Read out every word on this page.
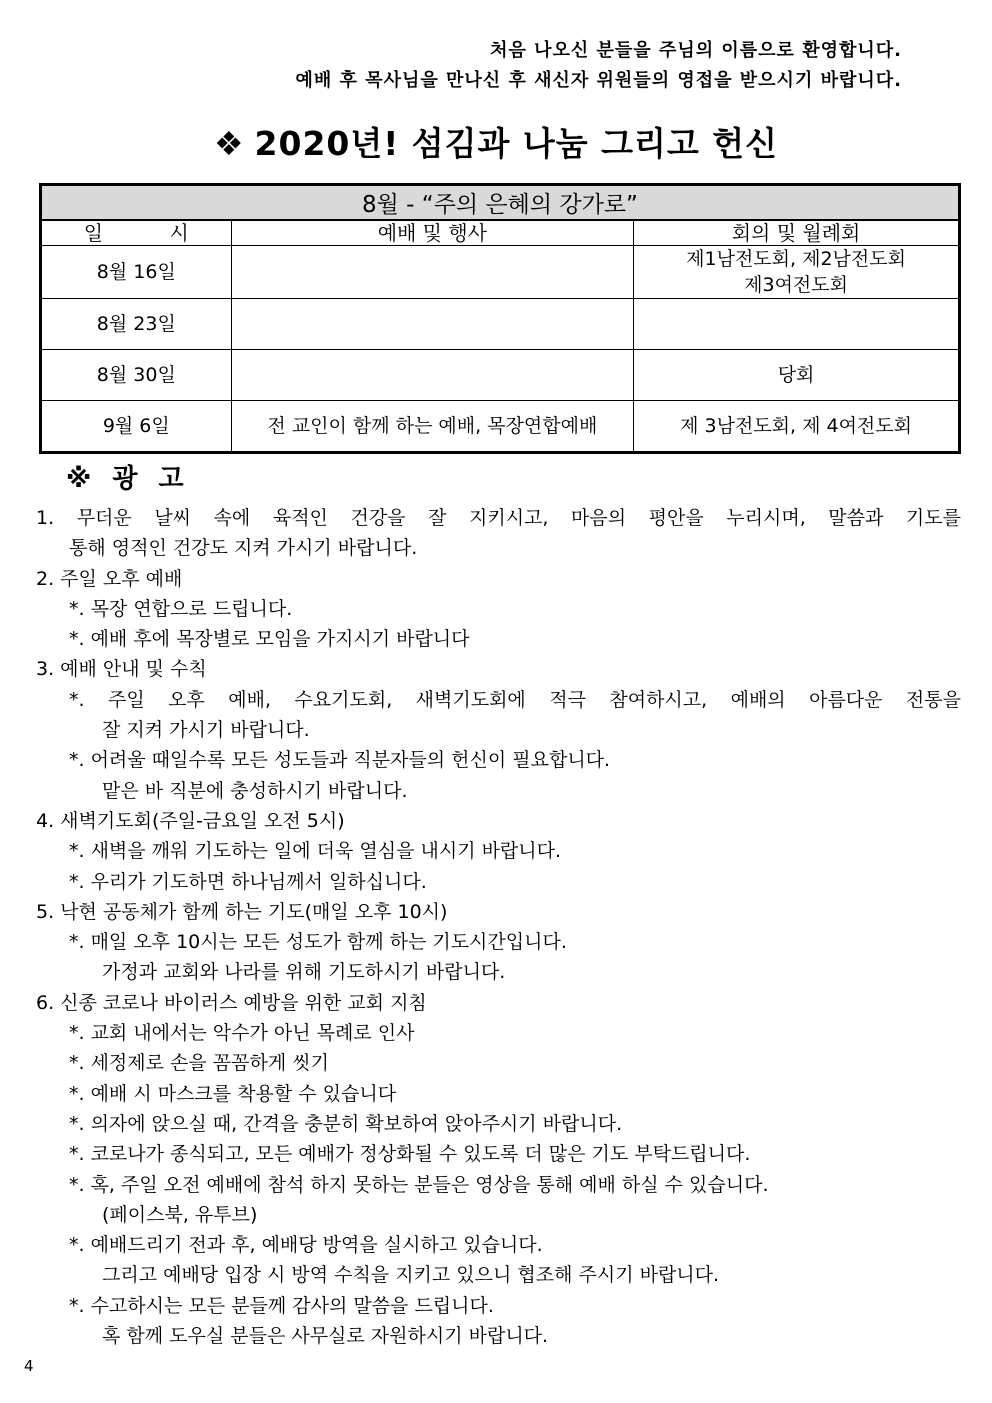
처음 나오신 분들을 주님의 이름으로 환영합니다.
예배 후 목사님을 만나신 후 새신자 위원들의 영접을 받으시기 바랍니다.
❖ 2020년! 섬김과 나눔 그리고 헌신
8월 - “주의 은혜의 강가로”		
일 시	예배 및 행사	회의 및 월례회
8월 16일		제1남전도회, 제2남전도회
제3여전도회

8월 23일		
8월 30일		당회
9월 6일	전 교인이 함께 하는 예배, 목장연합예배	제 3남전도회, 제 4여전도회
※ 광 고
1. 무더운 날씨 속에 육적인 건강을 잘 지키시고, 마음의 평안을 누리시며, 말씀과 기도를
통해 영적인 건강도 지켜 가시기 바랍니다.
2. 주일 오후 예배
*. 목장 연합으로 드립니다.
*. 예배 후에 목장별로 모임을 가지시기 바랍니다
3. 예배 안내 및 수칙
*. 주일 오후 예배, 수요기도회, 새벽기도회에 적극 참여하시고, 예배의 아름다운 전통을
잘 지켜 가시기 바랍니다.
*. 어려울 때일수록 모든 성도들과 직분자들의 헌신이 필요합니다.
맡은 바 직분에 충성하시기 바랍니다.
4. 새벽기도회(주일-금요일 오전 5시)
*. 새벽을 깨워 기도하는 일에 더욱 열심을 내시기 바랍니다.
*. 우리가 기도하면 하나님께서 일하십니다.
5. 낙현 공동체가 함께 하는 기도(매일 오후 10시)
*. 매일 오후 10시는 모든 성도가 함께 하는 기도시간입니다.
가정과 교회와 나라를 위해 기도하시기 바랍니다.
6. 신종 코로나 바이러스 예방을 위한 교회 지침
*. 교회 내에서는 악수가 아닌 목례로 인사
*. 세정제로 손을 꼼꼼하게 씻기
*. 예배 시 마스크를 착용할 수 있습니다
*. 의자에 앉으실 때, 간격을 충분히 확보하여 앉아주시기 바랍니다.
*. 코로나가 종식되고, 모든 예배가 정상화될 수 있도록 더 많은 기도 부탁드립니다.
*. 혹, 주일 오전 예배에 참석 하지 못하는 분들은 영상을 통해 예배 하실 수 있습니다.
(페이스북, 유투브)
*. 예배드리기 전과 후, 예배당 방역을 실시하고 있습니다.
그리고 예배당 입장 시 방역 수칙을 지키고 있으니 협조해 주시기 바랍니다.
*. 수고하시는 모든 분들께 감사의 말씀을 드립니다.
혹 함께 도우실 분들은 사무실로 자원하시기 바랍니다.
4
